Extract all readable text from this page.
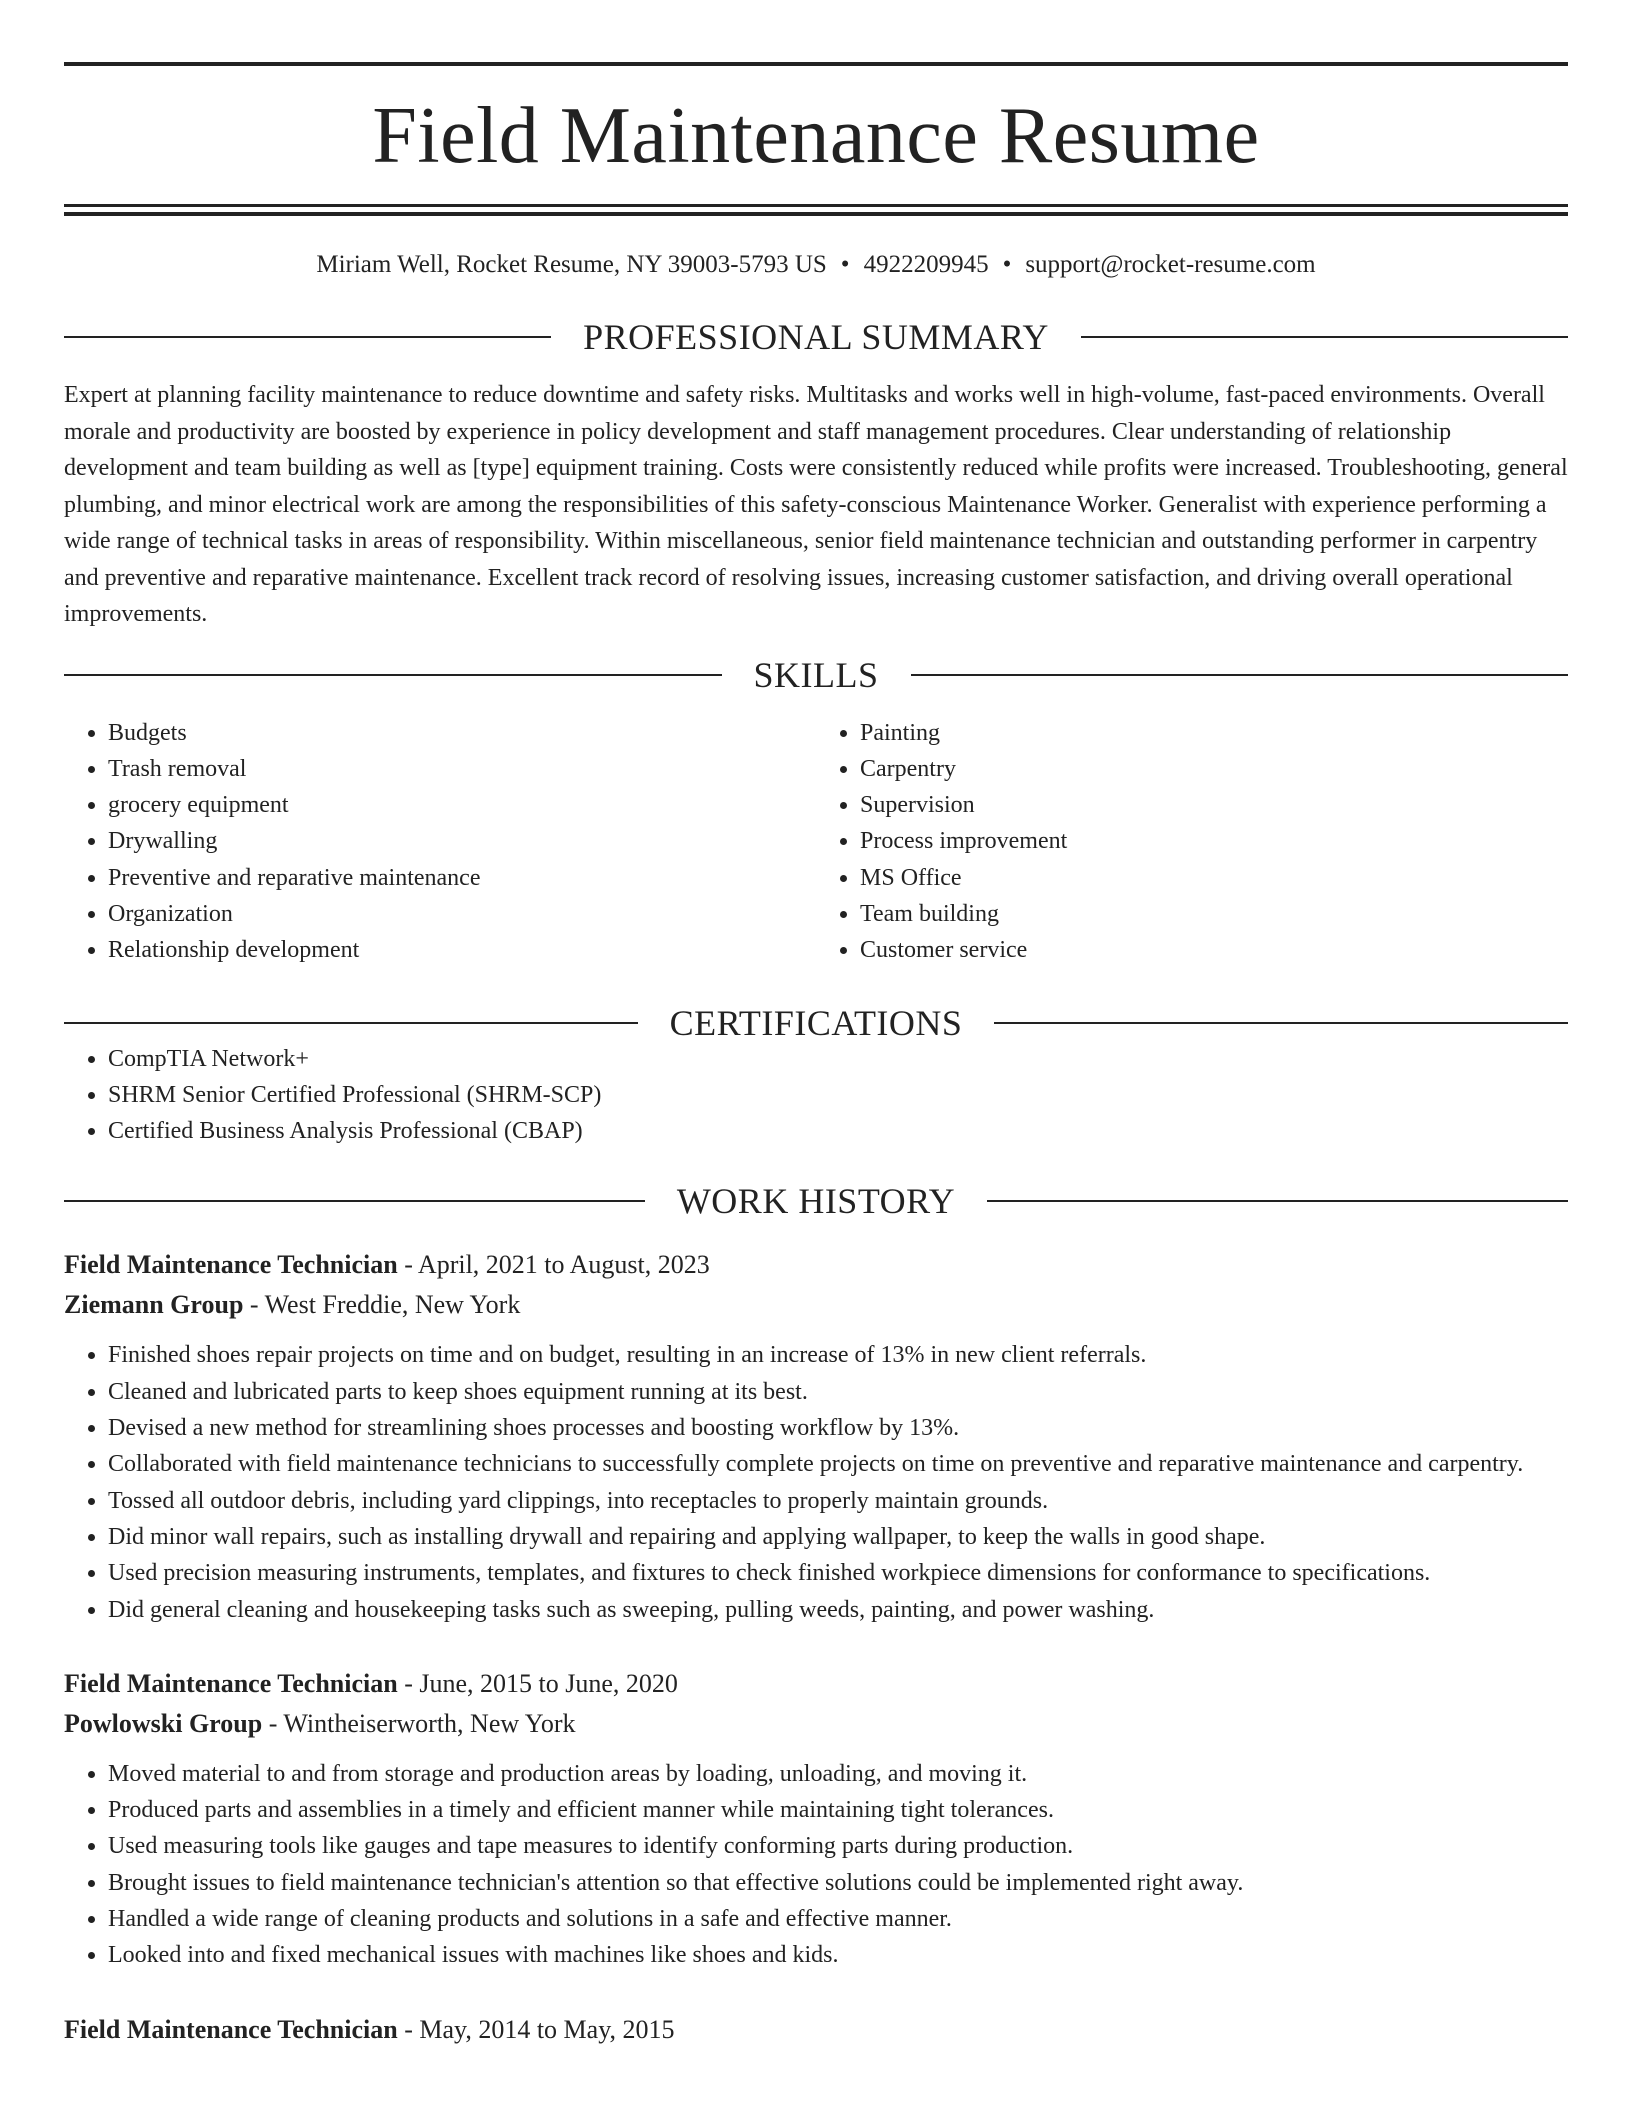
Field Maintenance Resume
Miriam Well, Rocket Resume, NY 39003-5793 US • 4922209945 • support@rocket-resume.com
PROFESSIONAL SUMMARY

Expert at planning facility maintenance to reduce downtime and safety risks. Multitasks and works well in high-volume, fast-paced environments. Overall morale and productivity are boosted by experience in policy development and staff management procedures. Clear understanding of relationship development and team building as well as [type] equipment training. Costs were consistently reduced while profits were increased. Troubleshooting, general plumbing, and minor electrical work are among the responsibilities of this safety-conscious Maintenance Worker. Generalist with experience performing a wide range of technical tasks in areas of responsibility. Within miscellaneous, senior field maintenance technician and outstanding performer in carpentry and preventive and reparative maintenance. Excellent track record of resolving issues, increasing customer satisfaction, and driving overall operational improvements.

SKILLS
• Budgets
• Trash removal
• grocery equipment
• Drywalling
• Preventive and reparative maintenance
• Organization
• Relationship development
• Painting
• Carpentry
• Supervision
• Process improvement
• MS Office
• Team building
• Customer service
CERTIFICATIONS
• CompTIA Network+
• SHRM Senior Certified Professional (SHRM-SCP)
• Certified Business Analysis Professional (CBAP)
WORK HISTORY
Field Maintenance Technician - April, 2021 to August, 2023
Ziemann Group - West Freddie, New York
• Finished shoes repair projects on time and on budget, resulting in an increase of 13% in new client referrals.
• Cleaned and lubricated parts to keep shoes equipment running at its best.
• Devised a new method for streamlining shoes processes and boosting workflow by 13%.
• Collaborated with field maintenance technicians to successfully complete projects on time on preventive and reparative maintenance and carpentry.
• Tossed all outdoor debris, including yard clippings, into receptacles to properly maintain grounds.
• Did minor wall repairs, such as installing drywall and repairing and applying wallpaper, to keep the walls in good shape.
• Used precision measuring instruments, templates, and fixtures to check finished workpiece dimensions for conformance to specifications.
• Did general cleaning and housekeeping tasks such as sweeping, pulling weeds, painting, and power washing.
Field Maintenance Technician - June, 2015 to June, 2020
Powlowski Group - Wintheiserworth, New York
• Moved material to and from storage and production areas by loading, unloading, and moving it.
• Produced parts and assemblies in a timely and efficient manner while maintaining tight tolerances.
• Used measuring tools like gauges and tape measures to identify conforming parts during production.
• Brought issues to field maintenance technician's attention so that effective solutions could be implemented right away.
• Handled a wide range of cleaning products and solutions in a safe and effective manner.
• Looked into and fixed mechanical issues with machines like shoes and kids.
Field Maintenance Technician - May, 2014 to May, 2015
